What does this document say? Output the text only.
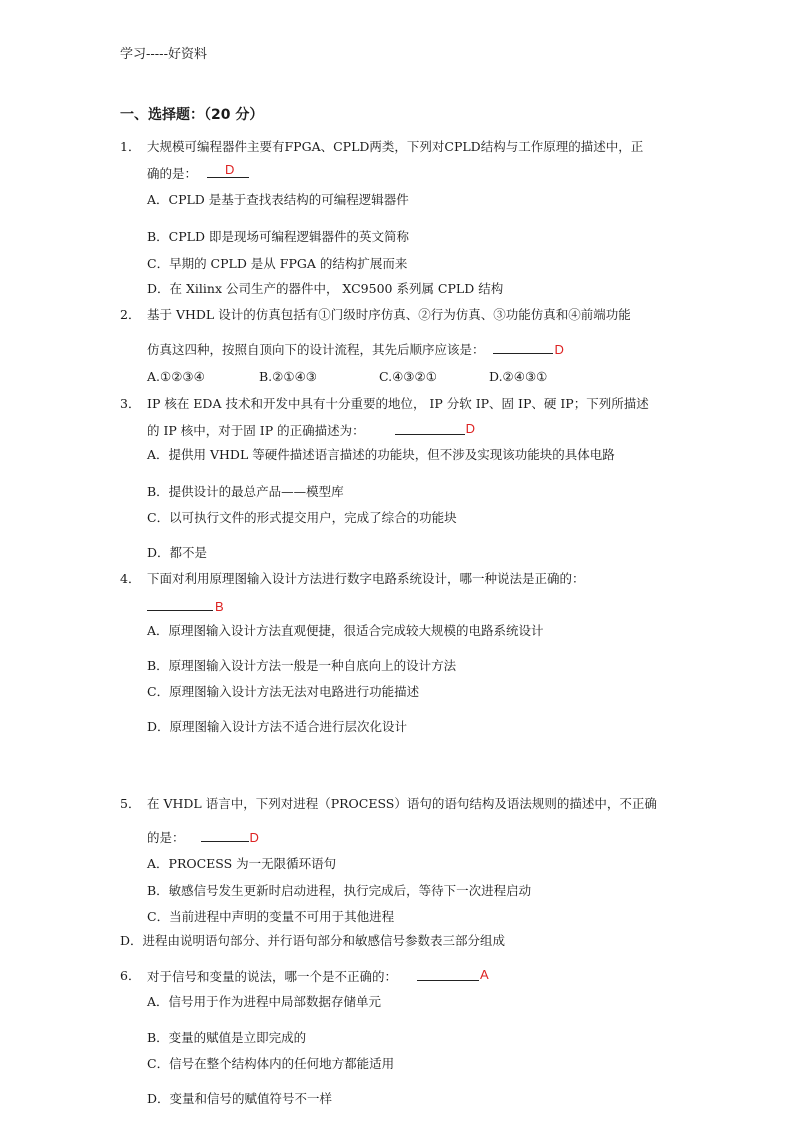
学习-----好资料
一、选择题：（20 分）
1． 大规模可编程器件主要有FPGA、CPLD两类，下列对CPLD结构与工作原理的描述中，正
确的是： D
A．CPLD 是基于查找表结构的可编程逻辑器件
B．CPLD 即是现场可编程逻辑器件的英文简称
C．早期的 CPLD 是从 FPGA 的结构扩展而来
D．在 Xilinx 公司生产的器件中， XC9500 系列属 CPLD 结构
2． 基于 VHDL 设计的仿真包括有①门级时序仿真、②行为仿真、③功能仿真和④前端功能
仿真这四种，按照自顶向下的设计流程，其先后顺序应该是：	D
A.①②③④	B.②①④③	C.④③②①	D.②④③①
3． IP 核在 EDA 技术和开发中具有十分重要的地位， IP 分软 IP、固 IP、硬 IP；下列所描述
的 IP 核中，对于固 IP 的正确描述为：	D
A．提供用 VHDL 等硬件描述语言描述的功能块，但不涉及实现该功能块的具体电路
B．提供设计的最总产品——模型库
C．以可执行文件的形式提交用户，完成了综合的功能块
D．都不是
4． 下面对利用原理图输入设计方法进行数字电路系统设计，哪一种说法是正确的：
B
A．原理图输入设计方法直观便捷，很适合完成较大规模的电路系统设计
B．原理图输入设计方法一般是一种自底向上的设计方法
C．原理图输入设计方法无法对电路进行功能描述
D．原理图输入设计方法不适合进行层次化设计
5． 在 VHDL 语言中，下列对进程（PROCESS）语句的语句结构及语法规则的描述中，不正确
的是：	D
A．PROCESS 为一无限循环语句
B．敏感信号发生更新时启动进程，执行完成后，等待下一次进程启动
C．当前进程中声明的变量不可用于其他进程
D．进程由说明语句部分、并行语句部分和敏感信号参数表三部分组成
6． 对于信号和变量的说法，哪一个是不正确的：	A
A．信号用于作为进程中局部数据存储单元
B．变量的赋值是立即完成的
C．信号在整个结构体内的任何地方都能适用
D．变量和信号的赋值符号不一样
